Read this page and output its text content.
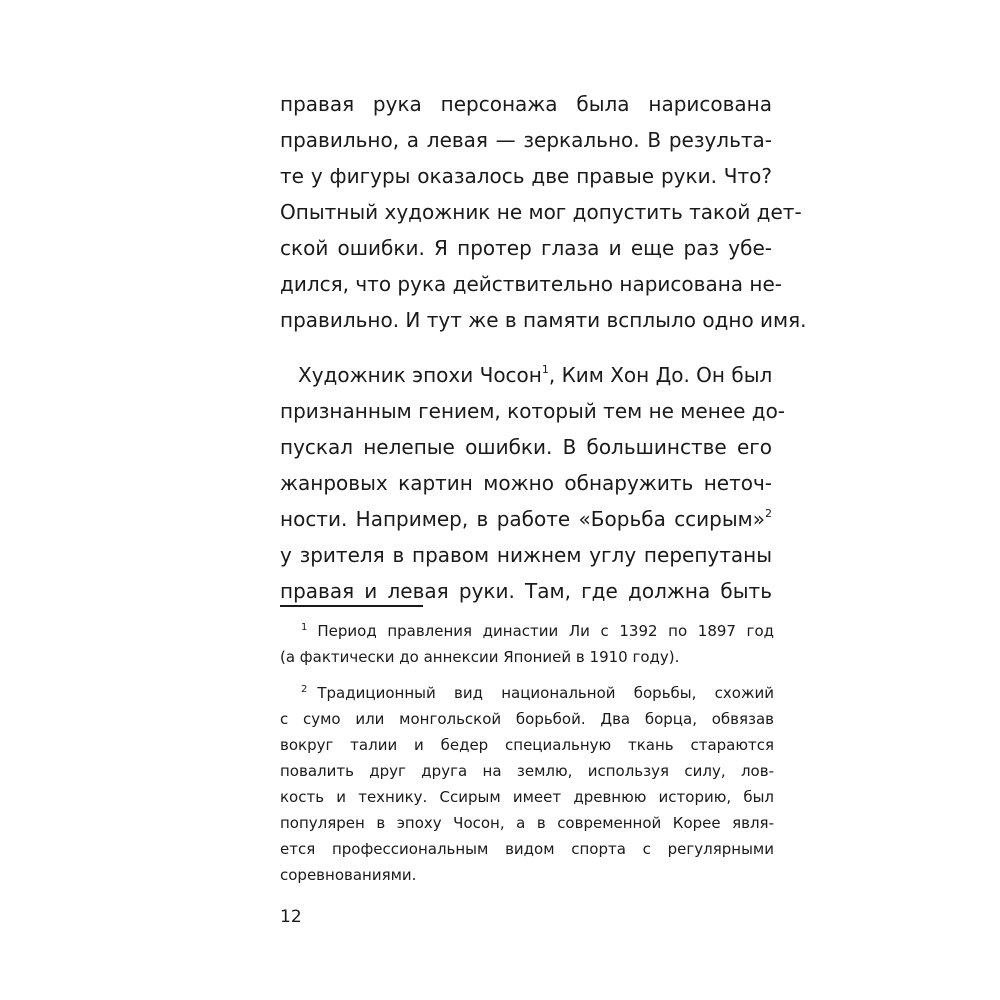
правая рука персонажа была нарисована
правильно, а левая — зеркально. В результа-
те у фигуры оказалось две правые руки. Что?
Опытный художник не мог допустить такой дет-
ской ошибки. Я протер глаза и еще раз убе-
дился, что рука действительно нарисована не-
правильно. И тут же в памяти всплыло одно имя.
Художник эпохи Чосон$^1$, Ким Хон До. Он был
признанным гением, который тем не менее до-
пускал нелепые ошибки. В большинстве его
жанровых картин можно обнаружить неточ-
ности. Например, в работе «Борьба ссирым»$^2$
у зрителя в правом нижнем углу перепутаны
правая и левая руки. Там, где должна быть
$^1$ Период правления династии Ли с 1392 по 1897 год
(а фактически до аннексии Японией в 1910 году).
$^2$ Традиционный вид национальной борьбы, схожий
с сумо или монгольской борьбой. Два борца, обвязав
вокруг талии и бедер специальную ткань стараются
повалить друг друга на землю, используя силу, лов-
кость и технику. Ссирым имеет древнюю историю, был
популярен в эпоху Чосон, а в современной Корее явля-
ется профессиональным видом спорта с регулярными
соревнованиями.
12
